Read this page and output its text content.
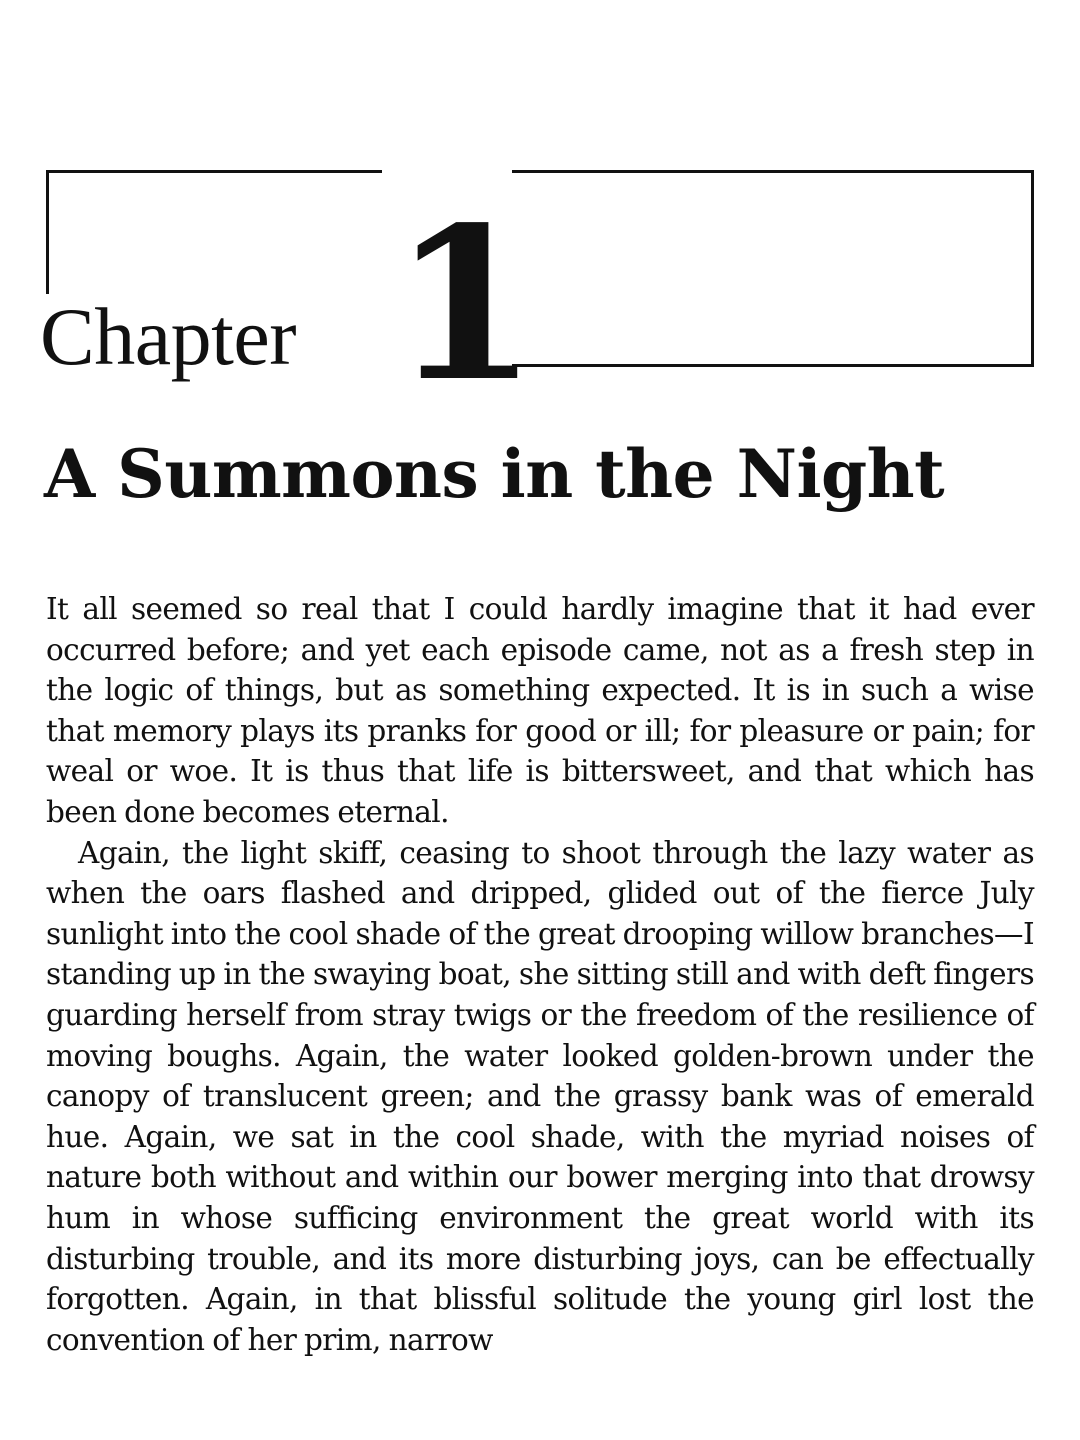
Chapter 1
A Summons in the Night

It all seemed so real that I could hardly imagine that it had ever occurred before; and yet each episode came, not as a fresh step in the logic of things, but as something expected. It is in such a wise that memory plays its pranks for good or ill; for pleasure or pain; for weal or woe. It is thus that life is bittersweet, and that which has been done becomes eternal.

Again, the light skiff, ceasing to shoot through the lazy water as when the oars flashed and dripped, glided out of the fierce July sunlight into the cool shade of the great drooping willow branches—I standing up in the swaying boat, she sitting still and with deft fingers guarding herself from stray twigs or the freedom of the resilience of moving boughs. Again, the water looked golden-brown under the canopy of translucent green; and the grassy bank was of emerald hue. Again, we sat in the cool shade, with the myriad noises of nature both without and within our bower merging into that drowsy hum in whose sufficing environment the great world with its disturbing trouble, and its more disturbing joys, can be effectually forgotten. Again, in that blissful solitude the young girl lost the convention of her prim, narrow
